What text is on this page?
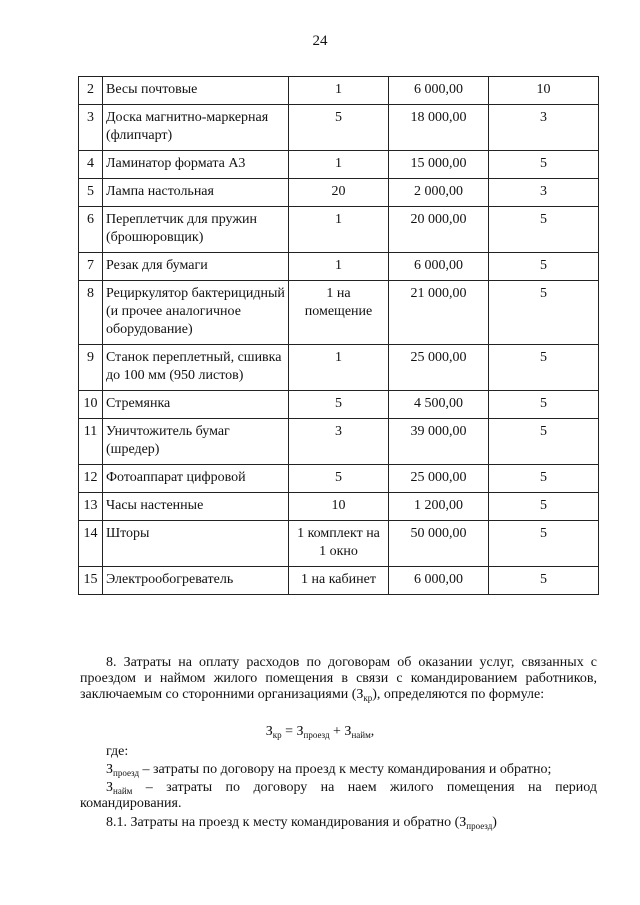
24
2	Весы почтовые	1	6 000,00	10
3	Доска магнитно-маркерная (флипчарт)	5	18 000,00	3
4	Ламинатор формата А3	1	15 000,00	5
5	Лампа настольная	20	2 000,00	3
6	Переплетчик для пружин (брошюровщик)	1	20 000,00	5
7	Резак для бумаги	1	6 000,00	5
8	Рециркулятор бактерицидный (и прочее аналогичное оборудование)	1 на помещение	21 000,00	5
9	Станок переплетный, сшивка до 100 мм (950 листов)	1	25 000,00	5
10	Стремянка	5	4 500,00	5
11	Уничтожитель бумаг (шредер)	3	39 000,00	5
12	Фотоаппарат цифровой	5	25 000,00	5
13	Часы настенные	10	1 200,00	5
14	Шторы	1 комплект на 1 окно	50 000,00	5
15	Электрообогреватель	1 на кабинет	6 000,00	5
8. Затраты на оплату расходов по договорам об оказании услуг, связанных с проездом и наймом жилого помещения в связи с командированием работников, заключаемым со сторонними организациями $(З_{кр})$, определяются по формуле:
$З_{кр} = З_{проезд} + З_{найм}$,
где:
$З_{проезд}$ – затраты по договору на проезд к месту командирования и обратно;
$З_{найм}$ – затраты по договору на наем жилого помещения на период командирования.
8.1. Затраты на проезд к месту командирования и обратно $(З_{проезд})$
